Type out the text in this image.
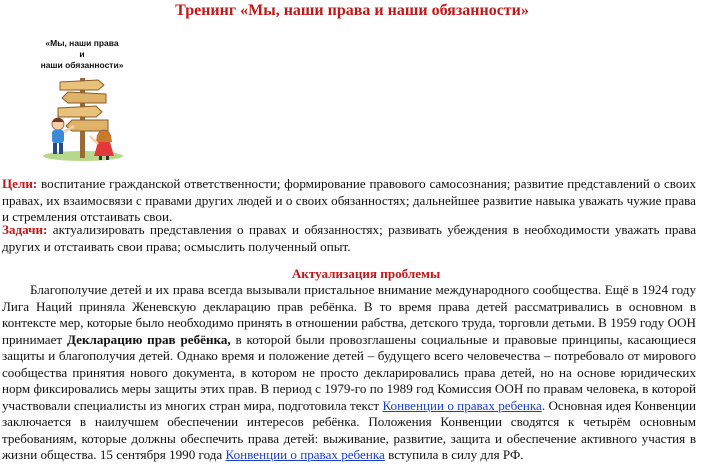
Тренинг «Мы, наши права и наши обязанности»
«Мы, наши права
и
наши обязанности»
Цели: воспитание гражданской ответственности; формирование правового самосознания; развитие представлений о своих правах, их взаимосвязи с правами других людей и о своих обязанностях; дальнейшее развитие навыка уважать чужие права и стремления отстаивать свои.
Задачи: актуализировать представления о правах и обязанностях; развивать убеждения в необходимости уважать права других и отстаивать свои права; осмыслить полученный опыт.
Актуализация проблемы
Благополучие детей и их права всегда вызывали пристальное внимание международного сообщества. Ещё в 1924 году Лига Наций приняла Женевскую декларацию прав ребёнка. В то время права детей рассматривались в основном в контексте мер, которые было необходимо принять в отношении рабства, детского труда, торговли детьми. В 1959 году ООН принимает Декларацию прав ребёнка, в которой были провозглашены социальные и правовые принципы, касающиеся защиты и благополучия детей. Однако время и положение детей – будущего всего человечества – потребовало от мирового сообщества принятия нового документа, в котором не просто декларировались права детей, но на основе юридических норм фиксировались меры защиты этих прав. В период с 1979-го по 1989 год Комиссия ООН по правам человека, в которой участвовали специалисты из многих стран мира, подготовила текст Конвенции о правах ребенка. Основная идея Конвенции заключается в наилучшем обеспечении интересов ребёнка. Положения Конвенции сводятся к четырём основным требованиям, которые должны обеспечить права детей: выживание, развитие, защита и обеспечение активного участия в жизни общества. 15 сентября 1990 года Конвенции о правах ребенка вступила в силу для РФ.
